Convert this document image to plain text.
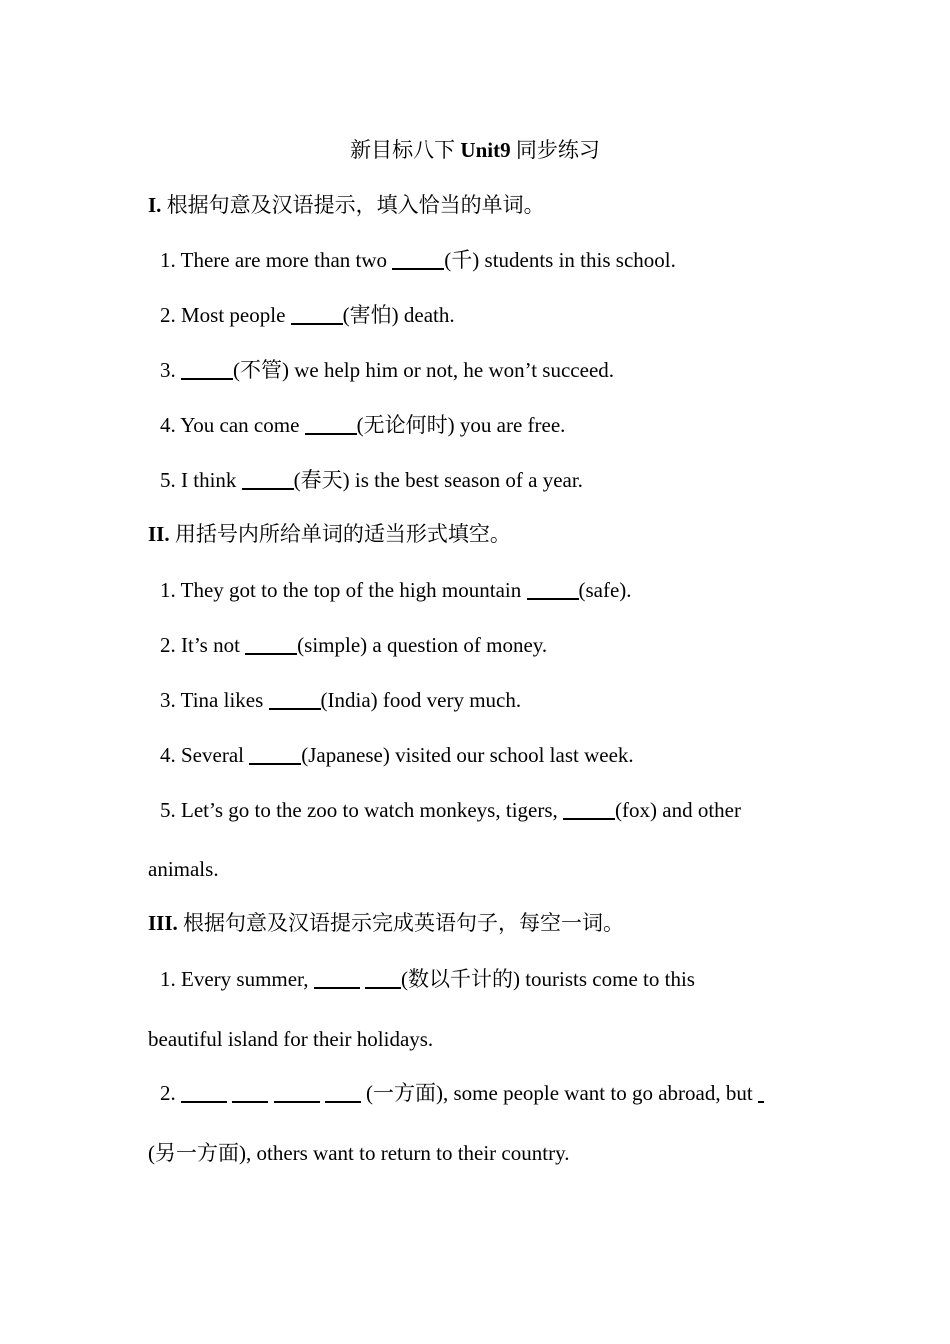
新目标八下 Unit9 同步练习
I. 根据句意及汉语提示，填入恰当的单词。
1. There are more than two (千) students in this school.
2. Most people (害怕) death.
3. (不管) we help him or not, he won’t succeed.
4. You can come (无论何时) you are free.
5. I think (春天) is the best season of a year.
II. 用括号内所给单词的适当形式填空。
1. They got to the top of the high mountain (safe).
2. It’s not (simple) a question of money.
3. Tina likes (India) food very much.
4. Several (Japanese) visited our school last week.
5. Let’s go to the zoo to watch monkeys, tigers, (fox) and other
animals.
III. 根据句意及汉语提示完成英语句子，每空一词。
1. Every summer,	(数以千计的) tourists come to this
beautiful island for their holidays.
2.	(一方面), some people want to go abroad, but
(另一方面), others want to return to their country.
